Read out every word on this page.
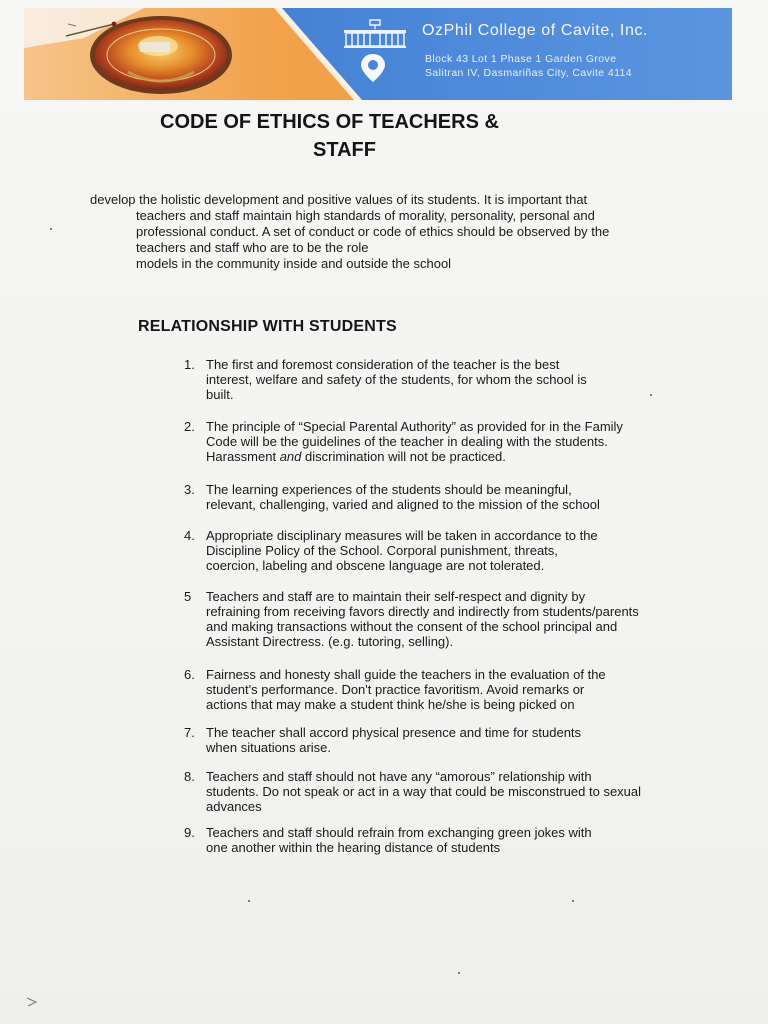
OzPhil College of Cavite, Inc.
Block 43 Lot 1 Phase 1 Garden Grove
Salitran IV, Dasmariñas City, Cavite 4114
CODE OF ETHICS OF TEACHERS &
STAFF
develop the holistic development and positive values of its students. It is important that
teachers and staff maintain high standards of morality, personality, personal and
professional conduct. A set of conduct or code of ethics should be observed by the
teachers and staff who are to be the role
models in the community inside and outside the school
RELATIONSHIP WITH STUDENTS
1. The first and foremost consideration of the teacher is the best
interest, welfare and safety of the students, for whom the school is
built.
2. The principle of “Special Parental Authority” as provided for in the Family
Code will be the guidelines of the teacher in dealing with the students.
Harassment and discrimination will not be practiced.
3. The learning experiences of the students should be meaningful,
relevant, challenging, varied and aligned to the mission of the school
4. Appropriate disciplinary measures will be taken in accordance to the
Discipline Policy of the School. Corporal punishment, threats,
coercion, labeling and obscene language are not tolerated.
5	Teachers and staff are to maintain their self-respect and dignity by
refraining from receiving favors directly and indirectly from students/parents
and making transactions without the consent of the school principal and
Assistant Directress. (e.g. tutoring, selling).
6. Fairness and honesty shall guide the teachers in the evaluation of the
student's performance. Don't practice favoritism. Avoid remarks or
actions that may make a student think he/she is being picked on
7. The teacher shall accord physical presence and time for students
when situations arise.
8. Teachers and staff should not have any “amorous” relationship with
students. Do not speak or act in a way that could be misconstrued to sexual
advances
9. Teachers and staff should refrain from exchanging green jokes with
one another within the hearing distance of students
